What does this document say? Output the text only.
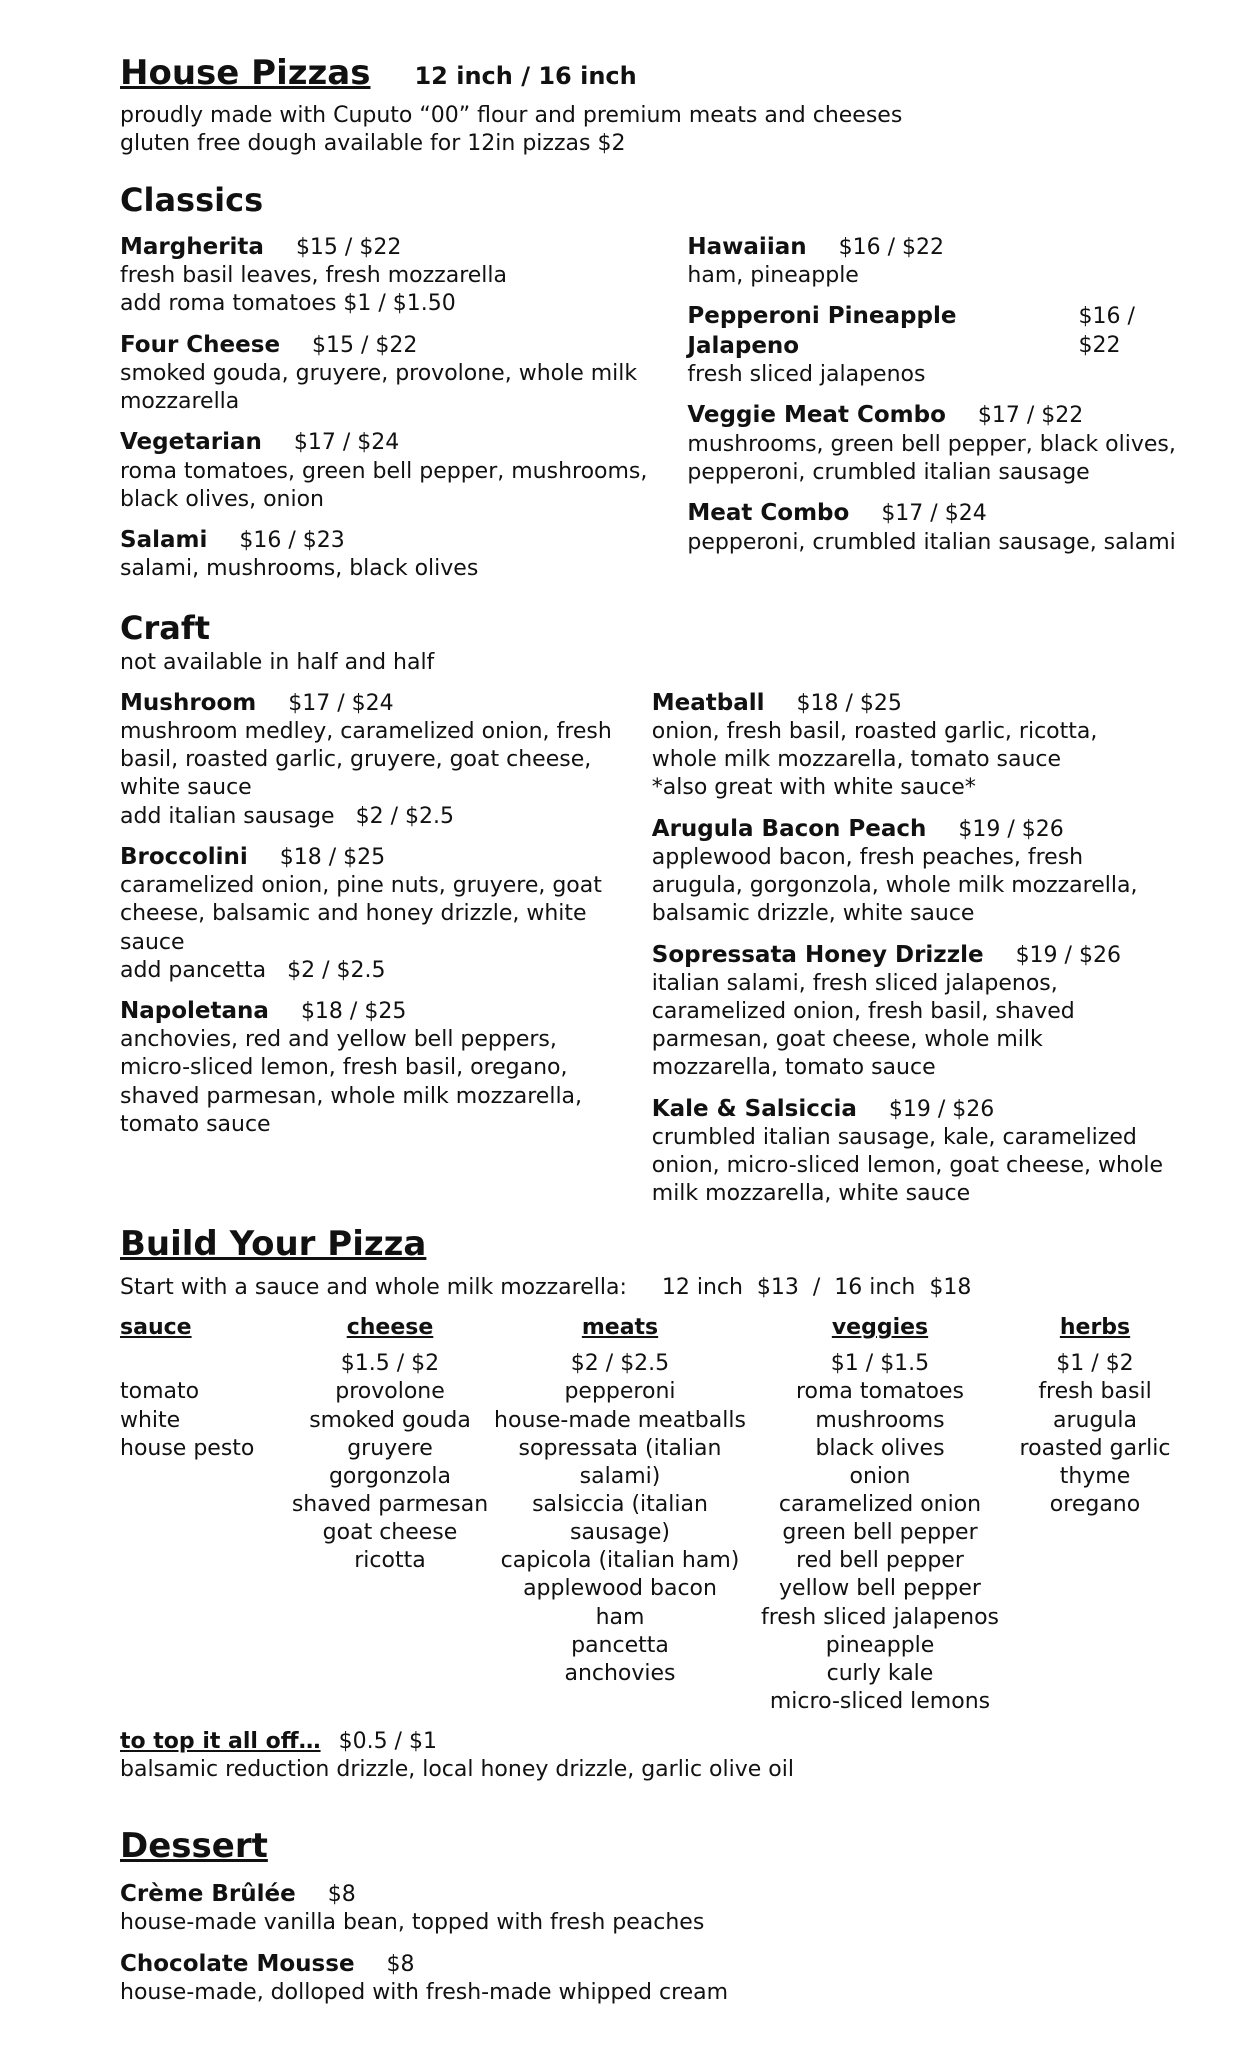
House Pizzas 12 inch / 16 inch
proudly made with Cuputo “00” flour and premium meats and cheeses
gluten free dough available for 12in pizzas $2
Classics
Margherita $15 / $22
fresh basil leaves, fresh mozzarella
add roma tomatoes $1 / $1.50
Four Cheese $15 / $22
smoked gouda, gruyere, provolone, whole milk
mozzarella
Vegetarian $17 / $24
roma tomatoes, green bell pepper, mushrooms,
black olives, onion
Salami $16 / $23
salami, mushrooms, black olives
Hawaiian $16 / $22
ham, pineapple
Pepperoni Pineapple Jalapeno
$16 / $22
fresh sliced jalapenos
Veggie Meat Combo $17 / $22
mushrooms, green bell pepper, black olives,
pepperoni, crumbled italian sausage
Meat Combo $17 / $24
pepperoni, crumbled italian sausage, salami
Craft
not available in half and half
Mushroom $17 / $24
mushroom medley, caramelized onion, fresh
basil, roasted garlic, gruyere, goat cheese,
white sauce
add italian sausage   $2 / $2.5
Broccolini $18 / $25
caramelized onion, pine nuts, gruyere, goat
cheese, balsamic and honey drizzle, white
sauce
add pancetta   $2 / $2.5
Napoletana $18 / $25
anchovies, red and yellow bell peppers,
micro-sliced lemon, fresh basil, oregano,
shaved parmesan, whole milk mozzarella,
tomato sauce
Meatball $18 / $25
onion, fresh basil, roasted garlic, ricotta,
whole milk mozzarella, tomato sauce
*also great with white sauce*
Arugula Bacon Peach $19 / $26
applewood bacon, fresh peaches, fresh
arugula, gorgonzola, whole milk mozzarella,
balsamic drizzle, white sauce
Sopressata Honey Drizzle $19 / $26
italian salami, fresh sliced jalapenos,
caramelized onion, fresh basil, shaved
parmesan, goat cheese, whole milk
mozzarella, tomato sauce
Kale & Salsiccia $19 / $26
crumbled italian sausage, kale, caramelized
onion, micro-sliced lemon, goat cheese, whole
milk mozzarella, white sauce
Build Your Pizza
Start with a sauce and whole milk mozzarella:     12 inch  $13  /  16 inch  $18
sauce
tomato
white
house pesto
cheese
$1.5 / $2
provolone
smoked gouda
gruyere
gorgonzola
shaved parmesan
goat cheese
ricotta
meats
$2 / $2.5
pepperoni
house-made meatballs
sopressata (italian salami)
salsiccia (italian sausage)
capicola (italian ham)
applewood bacon
ham
pancetta
anchovies
veggies
$1 / $1.5
roma tomatoes
mushrooms
black olives
onion
caramelized onion
green bell pepper
red bell pepper
yellow bell pepper
fresh sliced jalapenos
pineapple
curly kale
micro-sliced lemons
herbs
$1 / $2
fresh basil
arugula
roasted garlic
thyme
oregano
to top it all off… $0.5 / $1
balsamic reduction drizzle, local honey drizzle, garlic olive oil
Dessert
Crème Brûlée $8
house-made vanilla bean, topped with fresh peaches
Chocolate Mousse $8
house-made, dolloped with fresh-made whipped cream
